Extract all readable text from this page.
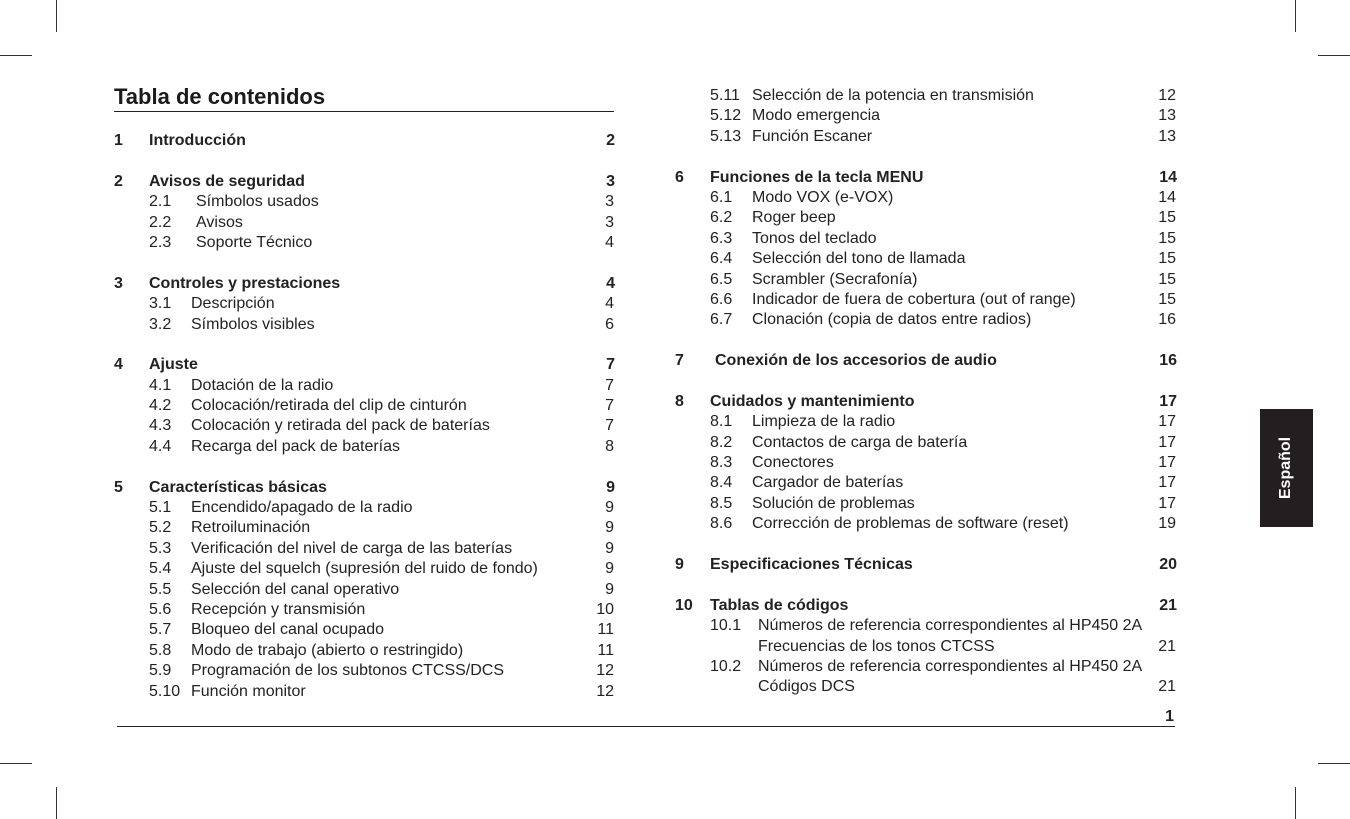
Tabla de contenidos
1 Introducción	2
2 Avisos de seguridad	3
2.1 Símbolos usados	3
2.2 Avisos	3
2.3 Soporte Técnico	4
3 Controles y prestaciones	4
3.1 Descripción	4
3.2 Símbolos visibles	6
4 Ajuste	7
4.1 Dotación de la radio	7
4.2 Colocación/retirada del clip de cinturón	7
4.3 Colocación y retirada del pack de baterías	7
4.4 Recarga del pack de baterías	8
5 Características básicas	9
5.1 Encendido/apagado de la radio	9
5.2 Retroiluminación	9
5.3 Verificación del nivel de carga de las baterías	9
5.4 Ajuste del squelch (supresión del ruido de fondo)	9
5.5 Selección del canal operativo	9
5.6 Recepción y transmisión	10
5.7 Bloqueo del canal ocupado	11
5.8 Modo de trabajo (abierto o restringido)	11
5.9 Programación de los subtonos CTCSS/DCS	12
5.10 Función monitor	12
5.11 Selección de la potencia en transmisión	12
5.12 Modo emergencia	13
5.13 Función Escaner	13
6 Funciones de la tecla MENU	14
6.1 Modo VOX (e-VOX)	14
6.2 Roger beep	15
6.3 Tonos del teclado	15
6.4 Selección del tono de llamada	15
6.5 Scrambler (Secrafonía)	15
6.6 Indicador de fuera de cobertura (out of range)	15
6.7 Clonación (copia de datos entre radios)	16
7 Conexión de los accesorios de audio	16
8 Cuidados y mantenimiento	17
8.1 Limpieza de la radio	17
8.2 Contactos de carga de batería	17
8.3 Conectores	17
8.4 Cargador de baterías	17
8.5 Solución de problemas	17
8.6 Corrección de problemas de software (reset)	19
9 Especificaciones Técnicas	20
10 Tablas de códigos	21
10.1 Números de referencia correspondientes al HP450 2A
Frecuencias de los tonos CTCSS	21
10.2 Números de referencia correspondientes al HP450 2A
Códigos DCS	21
1
Español
